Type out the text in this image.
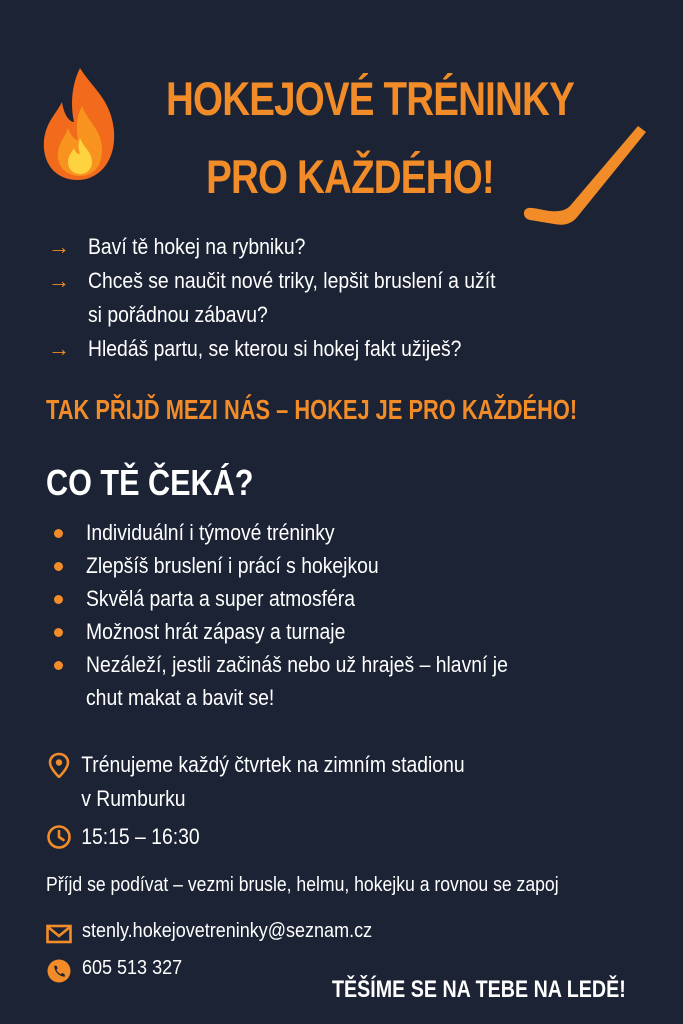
HOKEJOVÉ TRÉNINKY
PRO KAŽDÉHO!
→ Baví tě hokej na rybniku?
→ Chceš se naučit nové triky, lepšit bruslení a užít
si pořádnou zábavu?
→ Hledáš partu, se kterou si hokej fakt užiješ?
TAK PŘIJĎ MEZI NÁS – HOKEJ JE PRO KAŽDÉHO!
CO TĚ ČEKÁ?
Individuální i týmové tréninky
Zlepšíš bruslení i prácí s hokejkou
Skvělá parta a super atmosféra
Možnost hrát zápasy a turnaje
Nezáleží, jestli začináš nebo už hraješ – hlavní je
chut makat a bavit se!
Trénujeme každý čtvrtek na zimním stadionu
v Rumburku
15:15 – 16:30
Příjd se podívat – vezmi brusle, helmu, hokejku a rovnou se zapoj
stenly.hokejovetreninky@seznam.cz
605 513 327
TĚŠÍME SE NA TEBE NA LEDĚ!
